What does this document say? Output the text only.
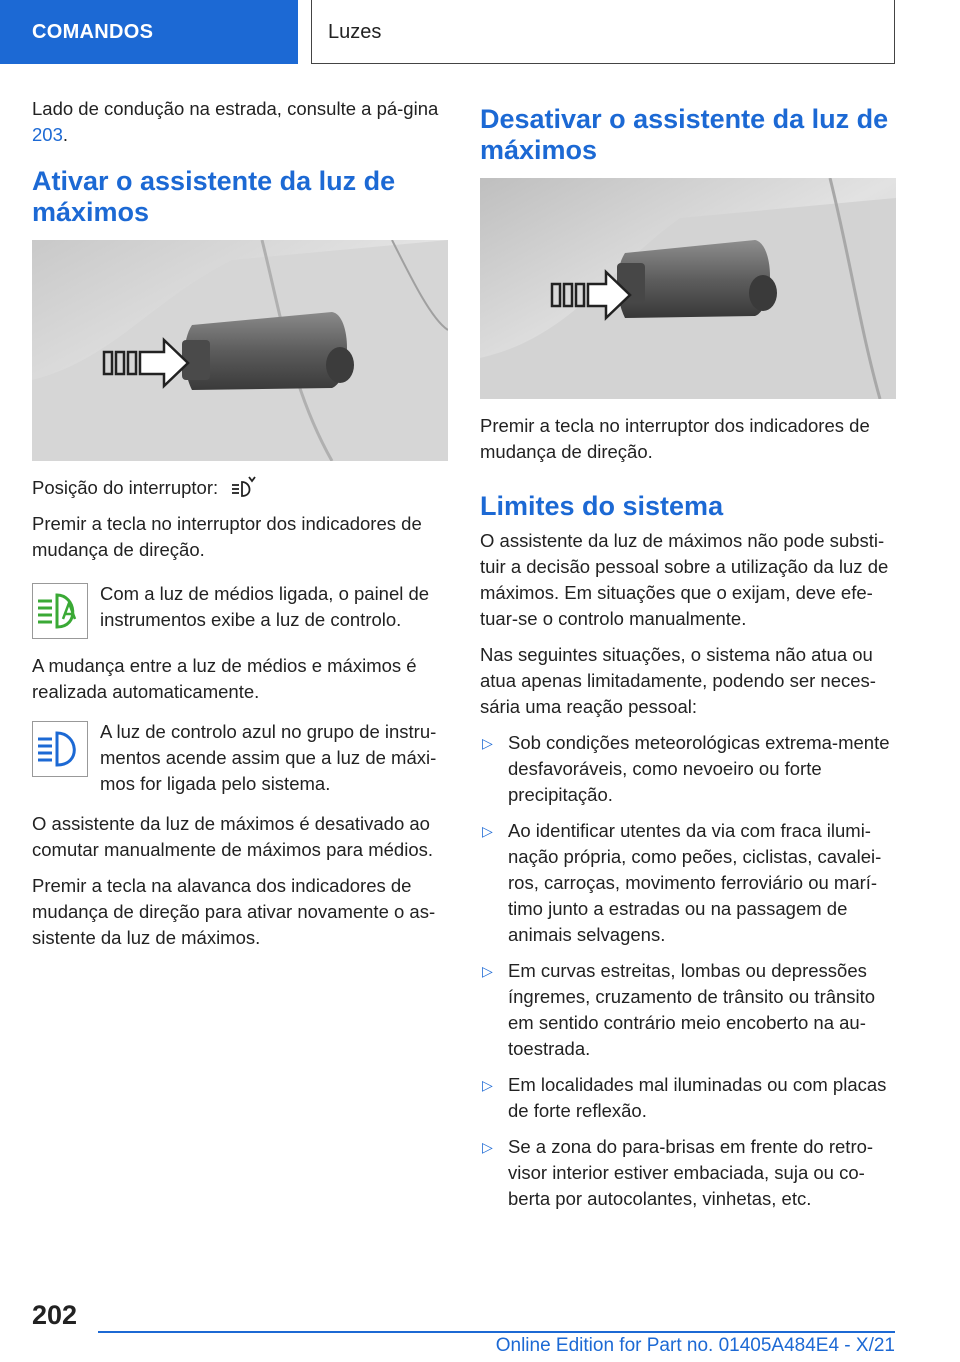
COMANDOS	Luzes

Lado de condução na estrada, consulte a pá-gina 203.

Ativar o assistente da luz de máximos

Posição do interruptor:

Premir a tecla no interruptor dos indicadores de mudança de direção.

Com a luz de médios ligada, o painel de instrumentos exibe a luz de controlo.

A mudança entre a luz de médios e máximos é realizada automaticamente.

A luz de controlo azul no grupo de instru-mentos acende assim que a luz de máxi-mos for ligada pelo sistema.

O assistente da luz de máximos é desativado ao comutar manualmente de máximos para médios.

Premir a tecla na alavanca dos indicadores de mudança de direção para ativar novamente o as-sistente da luz de máximos.

Desativar o assistente da luz de máximos

Premir a tecla no interruptor dos indicadores de mudança de direção.

Limites do sistema

O assistente da luz de máximos não pode substi-tuir a decisão pessoal sobre a utilização da luz de máximos. Em situações que o exijam, deve efe-tuar-se o controlo manualmente.

Nas seguintes situações, o sistema não atua ou atua apenas limitadamente, podendo ser neces-sária uma reação pessoal:

▷ Sob condições meteorológicas extrema-mente desfavoráveis, como nevoeiro ou forte precipitação.
▷ Ao identificar utentes da via com fraca ilumi-nação própria, como peões, ciclistas, cavalei-ros, carroças, movimento ferroviário ou marí-timo junto a estradas ou na passagem de animais selvagens.
▷ Em curvas estreitas, lombas ou depressões íngremes, cruzamento de trânsito ou trânsito em sentido contrário meio encoberto na au-toestrada.
▷ Em localidades mal iluminadas ou com placas de forte reflexão.
▷ Se a zona do para-brisas em frente do retro-visor interior estiver embaciada, suja ou co-berta por autocolantes, vinhetas, etc.
202
Online Edition for Part no. 01405A484E4 - X/21
